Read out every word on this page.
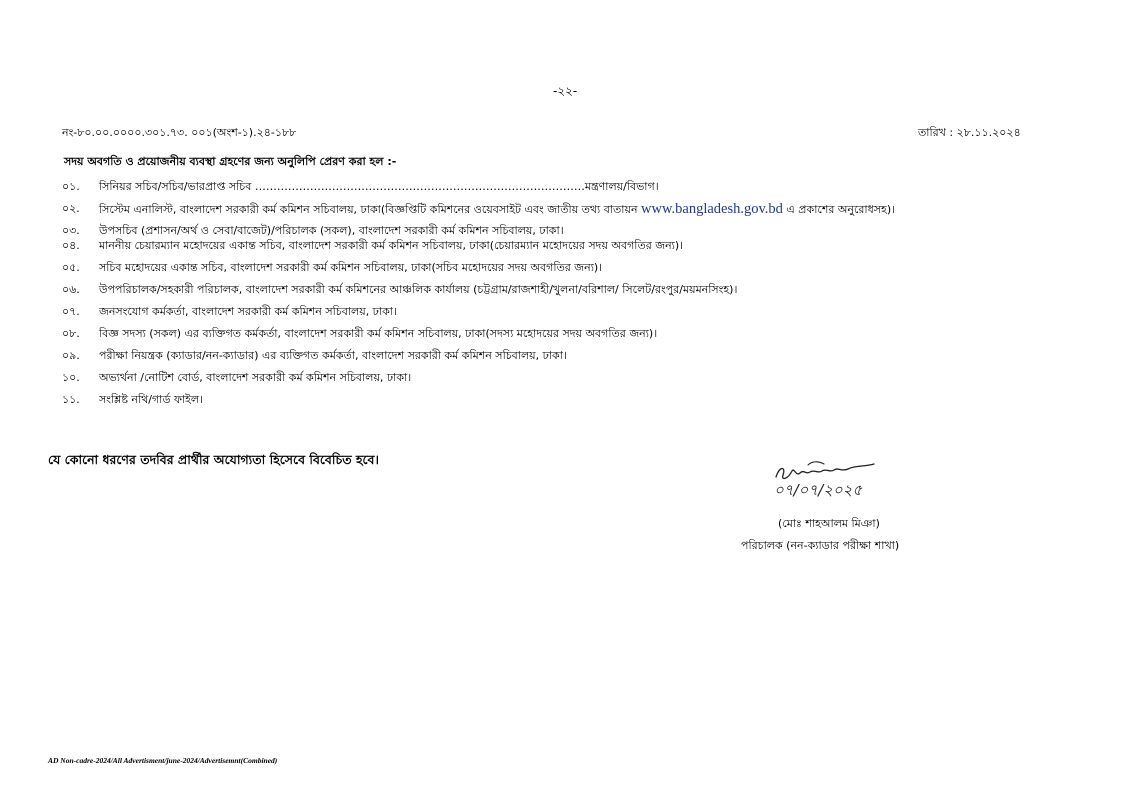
-২২-
নং-৮০.০০.০০০০.৩০১.৭৩. ০০১(অংশ-১).২৪-১৮৮	তারিখ : ২৮.১১.২০২৪
সদয় অবগতি ও প্রয়োজনীয় ব্যবস্থা গ্রহণের জন্য অনুলিপি প্রেরণ করা হল :-
০১.	সিনিয়র সচিব/সচিব/ভারপ্রাপ্ত সচিব ………………………………………………………………………………মন্ত্রণালয়/বিভাগ।
০২.	সিস্টেম এনালিস্ট, বাংলাদেশ সরকারী কর্ম কমিশন সচিবালয়, ঢাকা(বিজ্ঞপ্তিটি কমিশনের ওয়েবসাইট এবং জাতীয় তথ্য বাতায়ন www.bangladesh.gov.bd এ প্রকাশের অনুরোধসহ)।
০৩.	উপসচিব (প্রশাসন/অর্থ ও সেবা/বাজেট)/পরিচালক (সকল), বাংলাদেশ সরকারী কর্ম কমিশন সচিবালয়, ঢাকা।
০৪.	মাননীয় চেয়ারম্যান মহোদয়ের একান্ত সচিব, বাংলাদেশ সরকারী কর্ম কমিশন সচিবালয়, ঢাকা(চেয়ারম্যান মহোদয়ের সদয় অবগতির জন্য)।
০৫.	সচিব মহোদয়ের একান্ত সচিব, বাংলাদেশ সরকারী কর্ম কমিশন সচিবালয়, ঢাকা(সচিব মহোদয়ের সদয় অবগতির জন্য)।
০৬.	উপপরিচালক/সহকারী পরিচালক, বাংলাদেশ সরকারী কর্ম কমিশনের আঞ্চলিক কার্যালয় (চট্টগ্রাম/রাজশাহী/খুলনা/বরিশাল/ সিলেট/রংপুর/ময়মনসিংহ)।
০৭.	জনসংযোগ কর্মকর্তা, বাংলাদেশ সরকারী কর্ম কমিশন সচিবালয়, ঢাকা।
০৮.	বিজ্ঞ সদস্য (সকল) এর ব্যক্তিগত কর্মকর্তা, বাংলাদেশ সরকারী কর্ম কমিশন সচিবালয়, ঢাকা(সদস্য মহোদয়ের সদয় অবগতির জন্য)।
০৯.	পরীক্ষা নিয়ন্ত্রক (ক্যাডার/নন-ক্যাডার) এর ব্যক্তিগত কর্মকর্তা, বাংলাদেশ সরকারী কর্ম কমিশন সচিবালয়, ঢাকা।
১০.	অভ্যর্থনা /নোটিশ বোর্ড, বাংলাদেশ সরকারী কর্ম কমিশন সচিবালয়, ঢাকা।
১১.	সংশ্লিষ্ট নথি/গার্ড ফাইল।
যে কোনো ধরণের তদবির প্রার্থীর অযোগ্যতা হিসেবে বিবেচিত হবে।
০৭/০৭/২০২৫
(মোঃ শাহআলম মিঞা)
পরিচালক (নন-ক্যাডার পরীক্ষা শাখা)
AD Non-cadre-2024/All Advertisment/june-2024/Advertisemnt(Combined)
